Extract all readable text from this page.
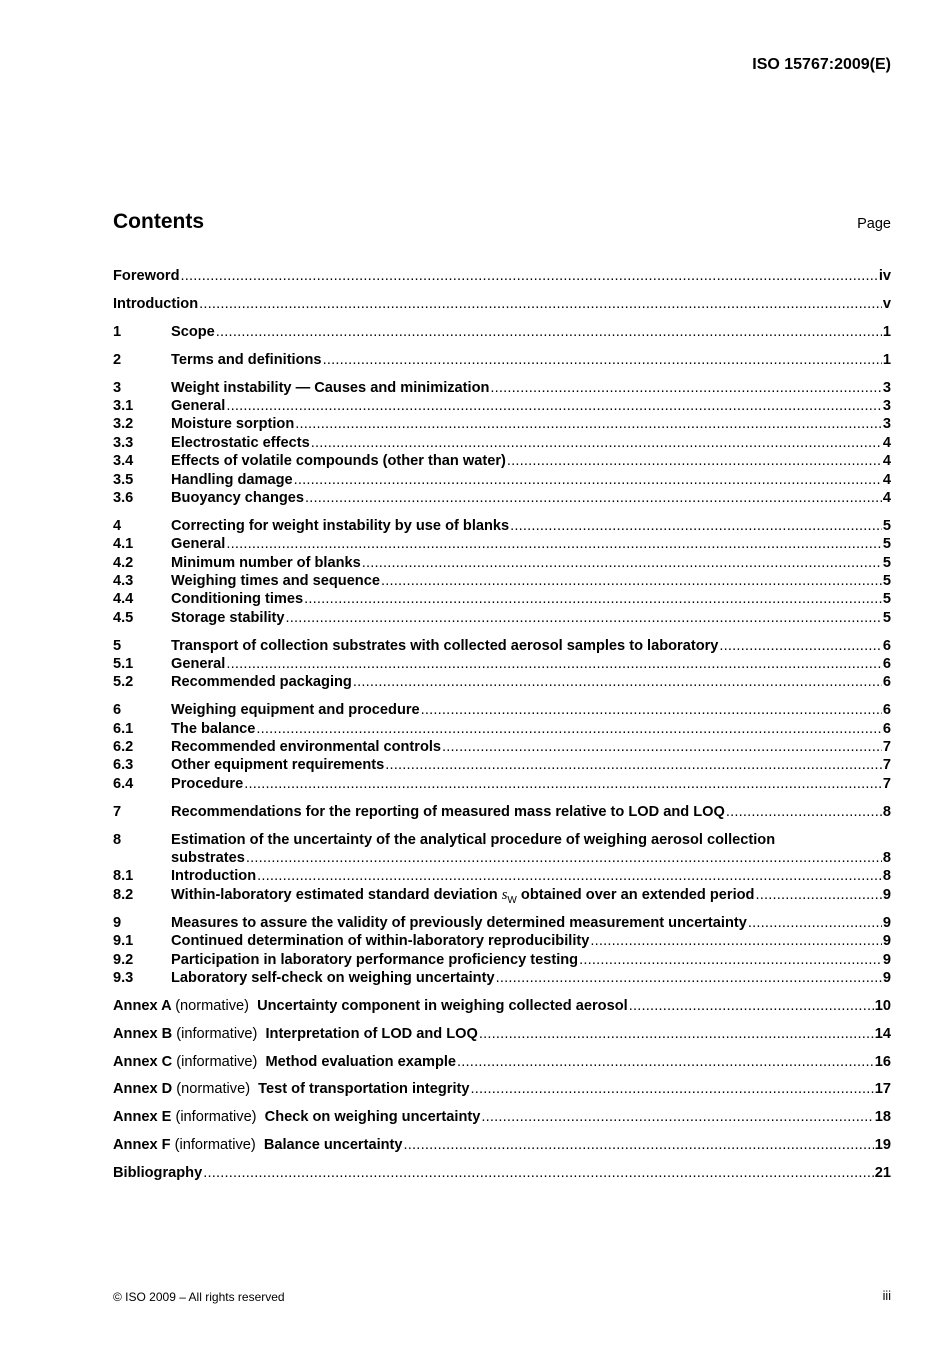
ISO 15767:2009(E)
Contents	Page
Foreword .....	iv
Introduction .....	v
1	Scope .....	1
2	Terms and definitions .....	1
3	Weight instability — Causes and minimization .....	3
3.1	General .....	3
3.2	Moisture sorption .....	3
3.3	Electrostatic effects .....	4
3.4	Effects of volatile compounds (other than water) .....	4
3.5	Handling damage .....	4
3.6	Buoyancy changes .....	4
4	Correcting for weight instability by use of blanks .....	5
4.1	General .....	5
4.2	Minimum number of blanks .....	5
4.3	Weighing times and sequence .....	5
4.4	Conditioning times .....	5
4.5	Storage stability .....	5
5	Transport of collection substrates with collected aerosol samples to laboratory .....	6
5.1	General .....	6
5.2	Recommended packaging .....	6
6	Weighing equipment and procedure .....	6
6.1	The balance .....	6
6.2	Recommended environmental controls .....	7
6.3	Other equipment requirements .....	7
6.4	Procedure .....	7
7	Recommendations for the reporting of measured mass relative to LOD and LOQ .....	8
8	Estimation of the uncertainty of the analytical procedure of weighing aerosol collection
substrates .....	8
8.1	Introduction .....	8
8.2	Within-laboratory estimated standard deviation $s_W$ obtained over an extended period .....	9
9	Measures to assure the validity of previously determined measurement uncertainty .....	9
9.1	Continued determination of within-laboratory reproducibility .....	9
9.2	Participation in laboratory performance proficiency testing .....	9
9.3	Laboratory self-check on weighing uncertainty .....	9
Annex A (normative) Uncertainty component in weighing collected aerosol .....	10
Annex B (informative) Interpretation of LOD and LOQ .....	14
Annex C (informative) Method evaluation example .....	16
Annex D (normative) Test of transportation integrity .....	17
Annex E (informative) Check on weighing uncertainty .....	18
Annex F (informative) Balance uncertainty .....	19
Bibliography .....	21
© ISO 2009 – All rights reserved	iii
